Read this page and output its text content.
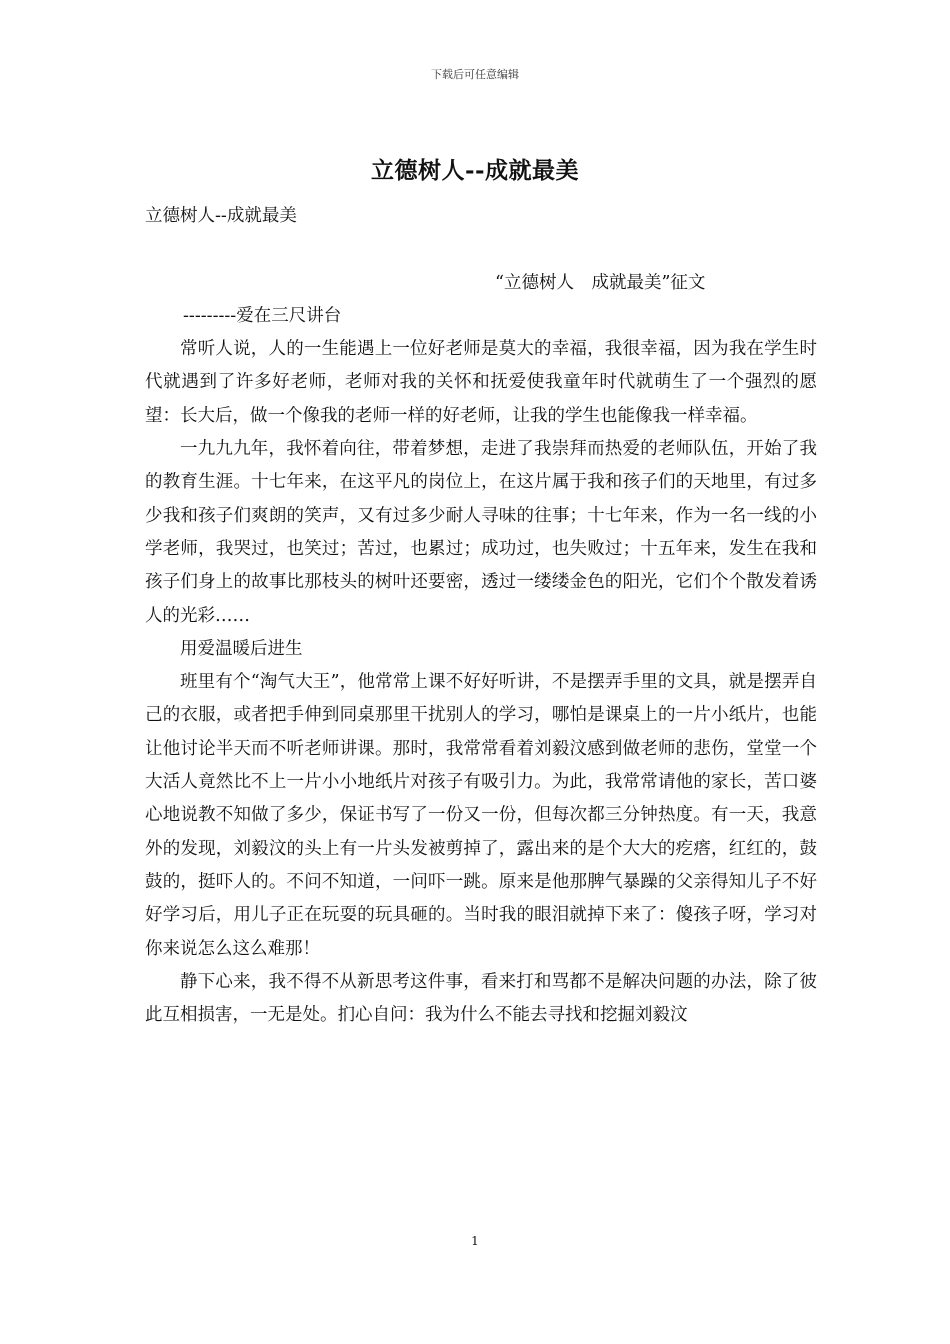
下载后可任意编辑
立德树人--成就最美

立德树人--成就最美

“立德树人　成就最美”征文

---------爱在三尺讲台

常听人说，人的一生能遇上一位好老师是莫大的幸福，我很幸福，因为我在学生时代就遇到了许多好老师，老师对我的关怀和抚爱使我童年时代就萌生了一个强烈的愿望：长大后，做一个像我的老师一样的好老师，让我的学生也能像我一样幸福。

一九九九年，我怀着向往，带着梦想，走进了我崇拜而热爱的老师队伍，开始了我的教育生涯。十七年来，在这平凡的岗位上，在这片属于我和孩子们的天地里，有过多少我和孩子们爽朗的笑声，又有过多少耐人寻味的往事；十七年来，作为一名一线的小学老师，我哭过，也笑过；苦过，也累过；成功过，也失败过；十五年来，发生在我和孩子们身上的故事比那枝头的树叶还要密，透过一缕缕金色的阳光，它们个个散发着诱人的光彩……

用爱温暖后进生

班里有个“淘气大王”，他常常上课不好好听讲，不是摆弄手里的文具，就是摆弄自己的衣服，或者把手伸到同桌那里干扰别人的学习，哪怕是课桌上的一片小纸片，也能让他讨论半天而不听老师讲课。那时，我常常看着刘毅汶感到做老师的悲伤，堂堂一个大活人竟然比不上一片小小地纸片对孩子有吸引力。为此，我常常请他的家长，苦口婆心地说教不知做了多少，保证书写了一份又一份，但每次都三分钟热度。有一天，我意外的发现，刘毅汶的头上有一片头发被剪掉了，露出来的是个大大的疙瘩，红红的，鼓鼓的，挺吓人的。不问不知道，一问吓一跳。原来是他那脾气暴躁的父亲得知儿子不好好学习后，用儿子正在玩耍的玩具砸的。当时我的眼泪就掉下来了：傻孩子呀，学习对你来说怎么这么难那！

静下心来，我不得不从新思考这件事，看来打和骂都不是解决问题的办法，除了彼此互相损害，一无是处。扪心自问：我为什么不能去寻找和挖掘刘毅汶

1
